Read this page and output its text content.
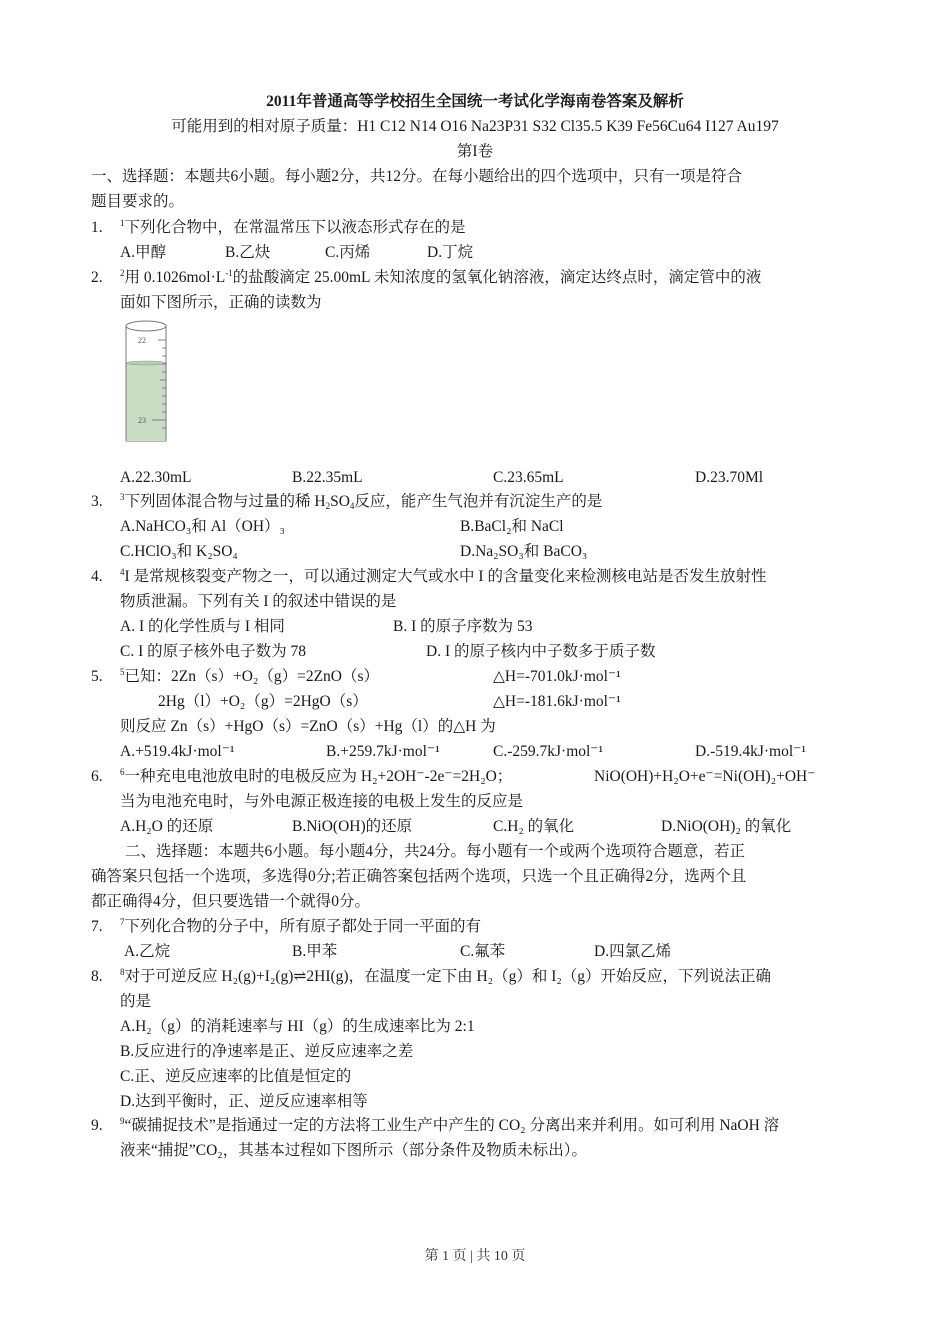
2011年普通高等学校招生全国统一考试化学海南卷答案及解析
可能用到的相对原子质量：H1 C12 N14 O16 Na23P31 S32 Cl35.5 K39 Fe56Cu64 I127 Au197
第I卷
一、选择题：本题共6小题。每小题2分，共12分。在每小题给出的四个选项中，只有一项是符合
题目要求的。
1. $^1$下列化合物中，在常温常压下以液态形式存在的是
A.甲醇	B.乙炔	C.丙烯	D.丁烷
2. $^2$用 $0.1026mol\cdot L^{-1}$的盐酸滴定 25.00mL 未知浓度的氢氧化钠溶液，滴定达终点时，滴定管中的液
面如下图所示，正确的读数为
22
23
A.22.30mL	B.22.35mL	C.23.65mL	D.23.70Ml
3. $^3$下列固体混合物与过量的稀 $H_2SO_4$反应，能产生气泡并有沉淀生产的是
A.NaHCO₃和 Al（OH）₃	B.BaCl₂和 NaCl
C.HClO₃和 K₂SO₄	D.Na₂SO₃和 BaCO₃
4. $^4$I 是常规核裂变产物之一，可以通过测定大气或水中 I 的含量变化来检测核电站是否发生放射性
物质泄漏。下列有关 I 的叙述中错误的是
A. I 的化学性质与 I 相同	B. I 的原子序数为 53
C. I 的原子核外电子数为 78	D. I 的原子核内中子数多于质子数
5. $^5$已知：2Zn（s）+O₂（g）=2ZnO（s）	△H=-701.0kJ·mol⁻¹
2Hg（l）+O₂（g）=2HgO（s）	△H=-181.6kJ·mol⁻¹
则反应 Zn（s）+HgO（s）=ZnO（s）+Hg（l）的△H 为
A.+519.4kJ·mol⁻¹	B.+259.7kJ·mol⁻¹	C.-259.7kJ·mol⁻¹	D.-519.4kJ·mol⁻¹
6. $^6$一种充电电池放电时的电极反应为 H₂+2OH⁻-2e⁻=2H₂O；	NiO(OH)+H₂O+e⁻=Ni(OH)₂+OH⁻
当为电池充电时，与外电源正极连接的电极上发生的反应是
A.H₂O 的还原	B.NiO(OH)的还原	C.H₂ 的氧化	D.NiO(OH)₂ 的氧化
二、选择题：本题共6小题。每小题4分，共24分。每小题有一个或两个选项符合题意，若正
确答案只包括一个选项，多选得0分;若正确答案包括两个选项，只选一个且正确得2分，选两个且
都正确得4分，但只要选错一个就得0分。
7. $^7$下列化合物的分子中，所有原子都处于同一平面的有
A.乙烷	B.甲苯	C.氟苯	D.四氯乙烯
8. $^8$对于可逆反应 H₂(g)+I₂(g)⇌2HI(g)，在温度一定下由 H₂（g）和 I₂（g）开始反应，下列说法正确
的是
A.H₂（g）的消耗速率与 HI（g）的生成速率比为 2:1
B.反应进行的净速率是正、逆反应速率之差
C.正、逆反应速率的比值是恒定的
D.达到平衡时，正、逆反应速率相等
9. $^9$“碳捕捉技术”是指通过一定的方法将工业生产中产生的 CO₂ 分离出来并利用。如可利用 NaOH 溶
液来“捕捉”CO₂，其基本过程如下图所示（部分条件及物质未标出）。
第 1 页 | 共 10 页
